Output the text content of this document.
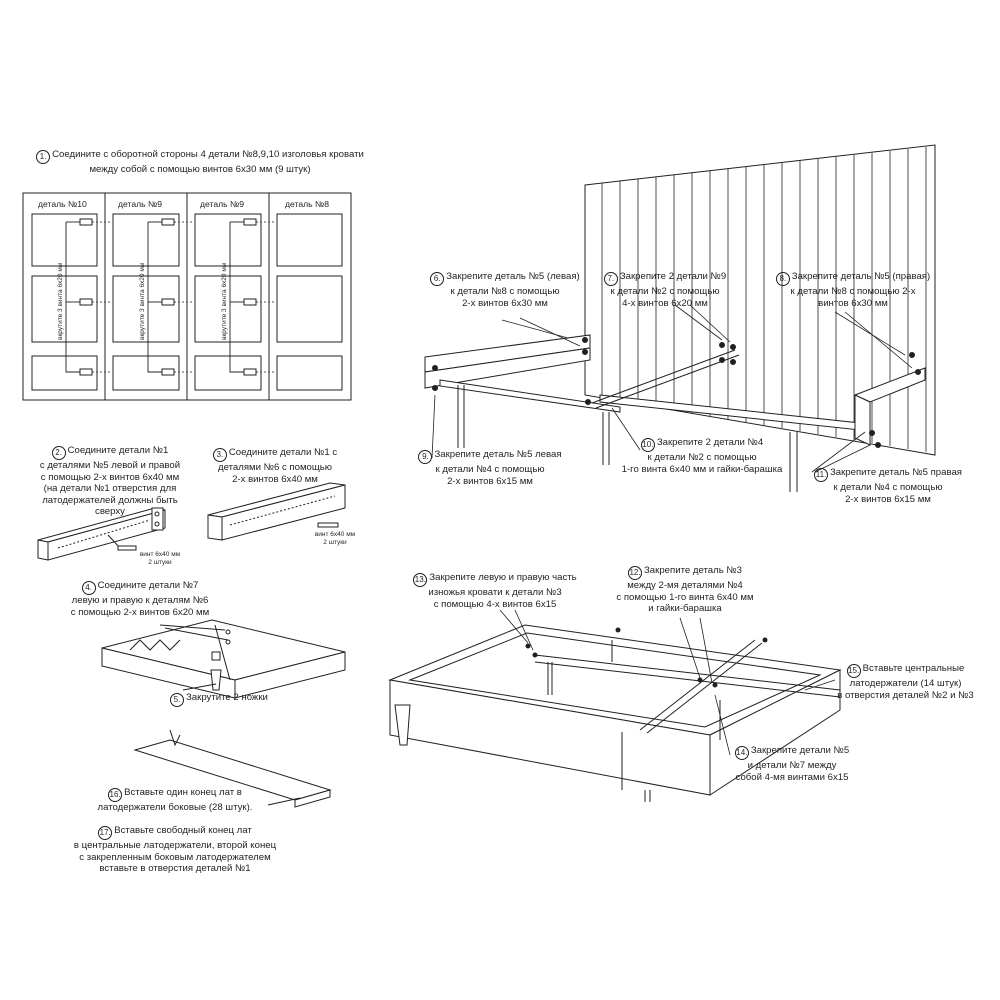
1. Соедините с оборотной стороны 4 детали №8,9,10 изголовья кровати
между собой с помощью винтов 6х30 мм (9 штук)
деталь №10	деталь №9	деталь №9	деталь №8
вкрутите 3 винта 6х20 мм	вкрутите 3 винта 6х20 мм	вкрутите 3 винта 6х20 мм
2. Соедините детали №1
с деталями №5 левой и правой
с помощью 2-х винтов 6х40 мм
(на детали №1 отверстия для
латодержателей должны быть сверху
винт 6х40 мм
2 штуки
3. Соедините детали №1 с
деталями №6 с помощью
2-х винтов 6х40 мм
винт 6х40 мм
2 штуки
4. Соедините детали №7
левую и правую к деталям №6
с помощью 2-х винтов 6х20 мм
5. Закрутите 2 ножки
6. Закрепите деталь №5 (левая)
к детали №8 с помощью
2-х винтов 6х30 мм
7. Закрепите 2 детали №9
к детали №2 с помощью
4-х винтов 6х20 мм
8. Закрепите деталь №5 (правая)
к детали №8 с помощью 2-х
винтов 6х30 мм
9. Закрепите деталь №5 левая
к детали №4 с помощью
2-х винтов 6х15 мм
10. Закрепите 2 детали №4
к детали №2 с помощью
1-го винта 6х40 мм и гайки-барашка	11. Закрепите деталь №5 правая
к детали №4 с помощью
2-х винтов 6х15 мм
12. Закрепите деталь №3
между 2-мя деталями №4
с помощью 1-го винта 6х40 мм
и гайки-барашка
13. Закрепите левую и правую часть
изножья кровати к детали №3
с помощью 4-х винтов 6х15
14. Закрепите детали №5
и детали №7 между
собой 4-мя винтами 6х15
15. Вставьте центральные
латодержатели (14 штук)
в отверстия деталей №2 и №3
16. Вставьте один конец лат в
латодержатели боковые (28 штук).
17. Вставьте свободный конец лат
в центральные латодержатели, второй конец
с закрепленным боковым латодержателем
вставьте в отверстия деталей №1
